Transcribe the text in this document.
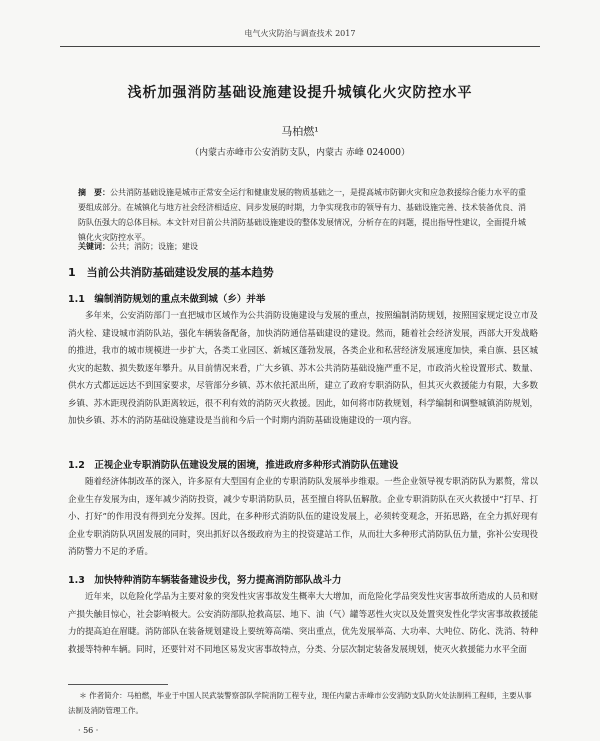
电气火灾防治与调查技术 2017
浅析加强消防基础设施建设提升城镇化火灾防控水平
马柏燃¹
（内蒙古赤峰市公安消防支队，内蒙古 赤峰 024000）
摘　要：公共消防基础设施是城市正常安全运行和健康发展的物质基础之一，是提高城市防御火灾和应急救援综合能力水平的重要组成部分。在城镇化与地方社会经济相适应、同步发展的时期，力争实现我市的领导有力、基础设施完善、技术装备优良、消防队伍强大的总体目标。本文针对目前公共消防基础设施建设的整体发展情况，分析存在的问题，提出指导性建议，全面提升城镇化火灾防控水平。
关键词：公共；消防；设施；建设
1　当前公共消防基础建设发展的基本趋势
1.1　编制消防规划的重点未做到城（乡）并举
多年来，公安消防部门一直把城市区域作为公共消防设施建设与发展的重点，按照编制消防规划，按照国家规定设立市及消火栓、建设城市消防队站，强化车辆装备配备，加快消防通信基础建设的建设。然而，随着社会经济发展，西部大开发战略的推进，我市的城市规模进一步扩大，各类工业园区、新城区蓬勃发展，各类企业和私营经济发展速度加快，乘自旗、县区城火灾的起数、损失数逐年攀升。从目前情况来看，广大乡镇、苏木公共消防基础设施严重不足，市政消火栓设置形式、数量、供水方式都远远达不到国家要求，尽管部分乡镇、苏木依托派出所，建立了政府专职消防队，但其灭火救援能力有限，大多数乡镇、苏木距现役消防队距离较远，很不利有效的消防灭火救援。因此，如何将市防救规划，科学编制和调整城镇消防规划，加快乡镇、苏木的消防基础设施建设是当前和今后一个时期内消防基础设施建设的一项内容。
1.2　正视企业专职消防队伍建设发展的困境，推进政府多种形式消防队伍建设
随着经济体制改革的深入，许多原有大型国有企业的专职消防队发展举步维艰。一些企业领导视专职消防队为累赘，常以企业生存发展为由，逐年减少消防投资，减少专职消防队员，甚至擅自将队伍解散。企业专职消防队在灭火救援中“打早、打小、打好”的作用没有得到充分发挥。因此，在多种形式消防队伍的建设发展上，必须转变观念，开拓思路，在全力抓好现有企业专职消防队巩固发展的同时，突出抓好以各级政府为主的投资建站工作，从而壮大多种形式消防队伍力量，弥补公安现役消防警力不足的矛盾。
1.3　加快特种消防车辆装备建设步伐，努力提高消防部队战斗力
近年来，以危险化学品为主要对象的突发性灾害事故发生概率大大增加，而危险化学品突发性灾害事故所造成的人员和财产损失触目惊心，社会影响极大。公安消防部队抢救高层、地下、油（气）罐等恶性火灾以及处置突发性化学灾害事故救援能力的提高迫在眉睫。消防部队在装备规划建设上要统筹高端、突出重点，优先发展举高、大功率、大吨位、防化、洗消、特种救援等特种车辆。同时，还要针对不同地区易发灾害事故特点，分类、分层次制定装备发展规划，使灭火救援能力水平全面
＊ 作者简介：马柏燃，毕业于中国人民武装警察部队学院消防工程专业，现任内蒙古赤峰市公安消防支队防火处法制科工程师，主要从事法制及消防管理工作。
· 56 ·
